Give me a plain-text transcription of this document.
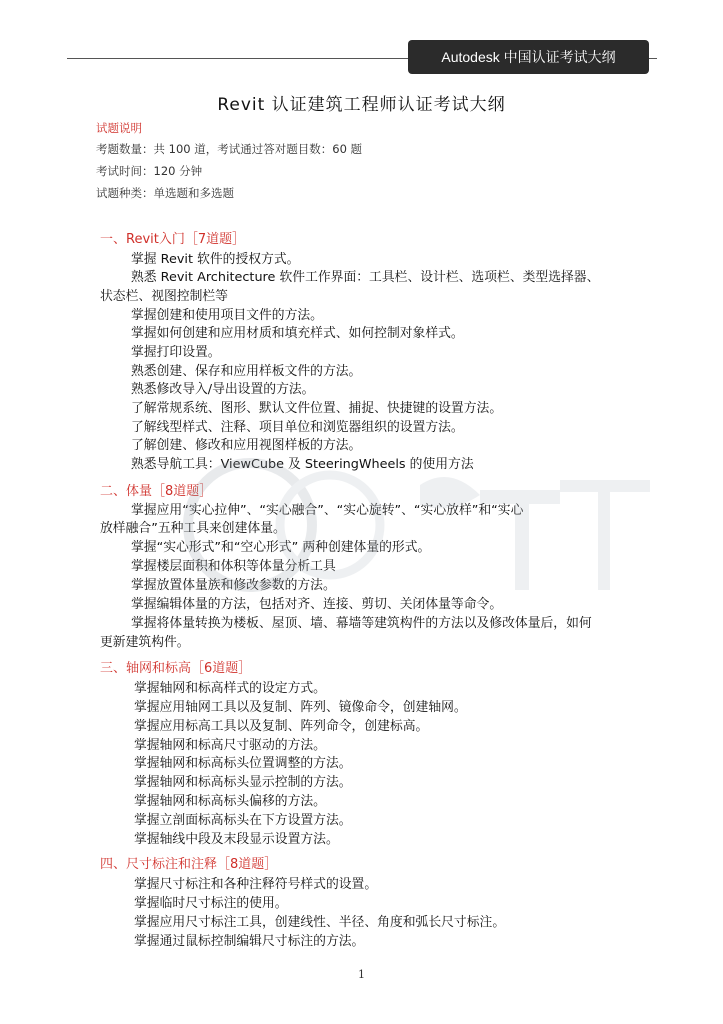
Autodesk 中国认证考试大纲
Revit 认证建筑工程师认证考试大纲
试题说明
考题数量：共 100 道，考试通过答对题目数：60 题
考试时间：120 分钟
试题种类：单选题和多选题
一、Revit入门［7道题］
掌握 Revit 软件的授权方式。
熟悉 Revit Architecture 软件工作界面：工具栏、设计栏、选项栏、类型选择器、
状态栏、视图控制栏等
掌握创建和使用项目文件的方法。
掌握如何创建和应用材质和填充样式、如何控制对象样式。
掌握打印设置。
熟悉创建、保存和应用样板文件的方法。
熟悉修改导入/导出设置的方法。
了解常规系统、图形、默认文件位置、捕捉、快捷键的设置方法。
了解线型样式、注释、项目单位和浏览器组织的设置方法。
了解创建、修改和应用视图样板的方法。
熟悉导航工具：ViewCube 及 SteeringWheels 的使用方法
二、体量［8道题］
掌握应用“实心拉伸”、“实心融合”、“实心旋转”、“实心放样”和“实心
放样融合”五种工具来创建体量。
掌握“实心形式”和“空心形式” 两种创建体量的形式。
掌握楼层面积和体积等体量分析工具
掌握放置体量族和修改参数的方法。
掌握编辑体量的方法，包括对齐、连接、剪切、关闭体量等命令。
掌握将体量转换为楼板、屋顶、墙、幕墙等建筑构件的方法以及修改体量后，如何
更新建筑构件。
三、轴网和标高［6道题］
掌握轴网和标高样式的设定方式。
掌握应用轴网工具以及复制、阵列、镜像命令，创建轴网。
掌握应用标高工具以及复制、阵列命令，创建标高。
掌握轴网和标高尺寸驱动的方法。
掌握轴网和标高标头位置调整的方法。
掌握轴网和标高标头显示控制的方法。
掌握轴网和标高标头偏移的方法。
掌握立剖面标高标头在下方设置方法。
掌握轴线中段及末段显示设置方法。
四、尺寸标注和注释［8道题］
掌握尺寸标注和各种注释符号样式的设置。
掌握临时尺寸标注的使用。
掌握应用尺寸标注工具，创建线性、半径、角度和弧长尺寸标注。
掌握通过鼠标控制编辑尺寸标注的方法。
1
